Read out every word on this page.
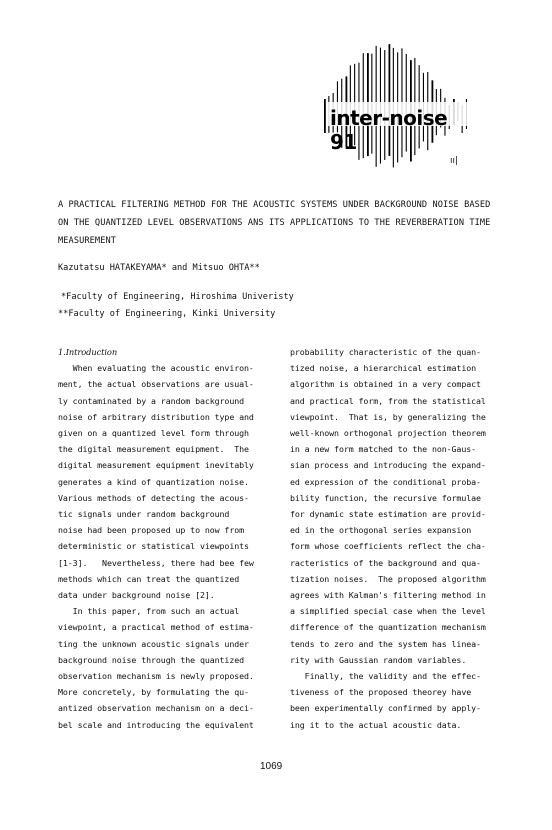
inter-noise 91
ıı|
A PRACTICAL FILTERING METHOD FOR THE ACOUSTIC SYSTEMS UNDER BACKGROUND NOISE BASED ON THE QUANTIZED LEVEL OBSERVATIONS ANS ITS APPLICATIONS TO THE REVERBERATION TIME MEASUREMENT
Kazutatsu HATAKEYAMA* and Mitsuo OHTA**
*Faculty of Engineering, Hiroshima Univeristy
**Faculty of Engineering, Kinki University

1.Introduction

When evaluating the acoustic environ-

ment, the actual observations are usual-

ly contaminated by a random background

noise of arbitrary distribution type and

given on a quantized level form through

the digital measurement equipment.  The

digital measurement equipment inevitably

generates a kind of quantization noise.

Various methods of detecting the acous-

tic signals under random background

noise had been proposed up to now from

deterministic or statistical viewpoints

[1-3].   Nevertheless, there had bee few

methods which can treat the quantized

data under background noise [2].

In this paper, from such an actual

viewpoint, a practical method of estima-

ting the unknown acoustic signals under

background noise through the quantized

observation mechanism is newly proposed.

More concretely, by formulating the qu-

antized observation mechanism on a deci-

bel scale and introducing the equivalent

probability characteristic of the quan-

tized noise, a hierarchical estimation

algorithm is obtained in a very compact

and practical form, from the statistical

viewpoint.  That is, by generalizing the

well-known orthogonal projection theorem

in a new form matched to the non-Gaus-

sian process and introducing the expand-

ed expression of the conditional proba-

bility function, the recursive formulae

for dynamic state estimation are provid-

ed in the orthogonal series expansion

form whose coefficients reflect the cha-

racteristics of the background and qua-

tization noises.  The proposed algorithm

agrees with Kalman's filtering method in

a simplified special case when the level

difference of the quantization mechanism

tends to zero and the system has linea-

rity with Gaussian random variables.

Finally, the validity and the effec-

tiveness of the proposed theorey have

been experimentally confirmed by apply-

ing it to the actual acoustic data.

1069
